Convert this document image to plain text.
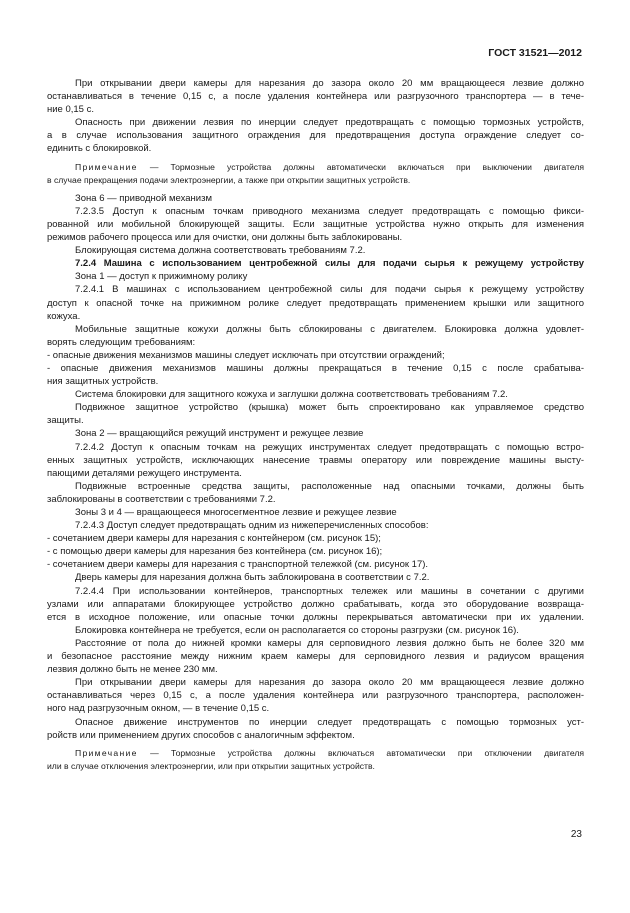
ГОСТ 31521—2012
При открывании двери камеры для нарезания до зазора около 20 мм вращающееся лезвие должно
останавливаться в течение 0,15 с, а после удаления контейнера или разгрузочного транспортера — в тече-
ние 0,15 с.
Опасность при движении лезвия по инерции следует предотвращать с помощью тормозных устройств,
а в случае использования защитного ограждения для предотвращения доступа ограждение следует со-
единить с блокировкой.
Примечание — Тормозные устройства должны автоматически включаться при выключении двигателя
в случае прекращения подачи электроэнергии, а также при открытии защитных устройств.
Зона 6 — приводной механизм
7.2.3.5 Доступ к опасным точкам приводного механизма следует предотвращать с помощью фикси-
рованной или мобильной блокирующей защиты. Если защитные устройства нужно открыть для изменения
режимов рабочего процесса или для очистки, они должны быть заблокированы.
Блокирующая система должна соответствовать требованиям 7.2.
7.2.4 Машина с использованием центробежной силы для подачи сырья к режущему устройству
Зона 1 — доступ к прижимному ролику
7.2.4.1 В машинах с использованием центробежной силы для подачи сырья к режущему устройству
доступ к опасной точке на прижимном ролике следует предотвращать применением крышки или защитного
кожуха.
Мобильные защитные кожухи должны быть сблокированы с двигателем. Блокировка должна удовлет-
ворять следующим требованиям:
- опасные движения механизмов машины следует исключать при отсутствии ограждений;
- опасные движения механизмов машины должны прекращаться в течение 0,15 с после срабатыва-
ния защитных устройств.
Система блокировки для защитного кожуха и заглушки должна соответствовать требованиям 7.2.
Подвижное защитное устройство (крышка) может быть спроектировано как управляемое средство
защиты.
Зона 2 — вращающийся режущий инструмент и режущее лезвие
7.2.4.2 Доступ к опасным точкам на режущих инструментах следует предотвращать с помощью встро-
енных защитных устройств, исключающих нанесение травмы оператору или повреждение машины высту-
пающими деталями режущего инструмента.
Подвижные встроенные средства защиты, расположенные над опасными точками, должны быть
заблокированы в соответствии с требованиями 7.2.
Зоны 3 и 4 — вращающееся многосегментное лезвие и режущее лезвие
7.2.4.3 Доступ следует предотвращать одним из нижеперечисленных способов:
- сочетанием двери камеры для нарезания с контейнером (см. рисунок 15);
- с помощью двери камеры для нарезания без контейнера (см. рисунок 16);
- сочетанием двери камеры для нарезания с транспортной тележкой (см. рисунок 17).
Дверь камеры для нарезания должна быть заблокирована в соответствии с 7.2.
7.2.4.4 При использовании контейнеров, транспортных тележек или машины в сочетании с другими
узлами или аппаратами блокирующее устройство должно срабатывать, когда это оборудование возвраща-
ется в исходное положение, или опасные точки должны перекрываться автоматически при их удалении.
Блокировка контейнера не требуется, если он располагается со стороны разгрузки (см. рисунок 16).
Расстояние от пола до нижней кромки камеры для серповидного лезвия должно быть не более 320 мм
и безопасное расстояние между нижним краем камеры для серповидного лезвия и радиусом вращения
лезвия должно быть не менее 230 мм.
При открывании двери камеры для нарезания до зазора около 20 мм вращающееся лезвие должно
останавливаться через 0,15 с, а после удаления контейнера или разгрузочного транспортера, расположен-
ного над разгрузочным окном, — в течение 0,15 с.
Опасное движение инструментов по инерции следует предотвращать с помощью тормозных уст-
ройств или применением других способов с аналогичным эффектом.
Примечание — Тормозные устройства должны включаться автоматически при отключении двигателя
или в случае отключения электроэнергии, или при открытии защитных устройств.
23
